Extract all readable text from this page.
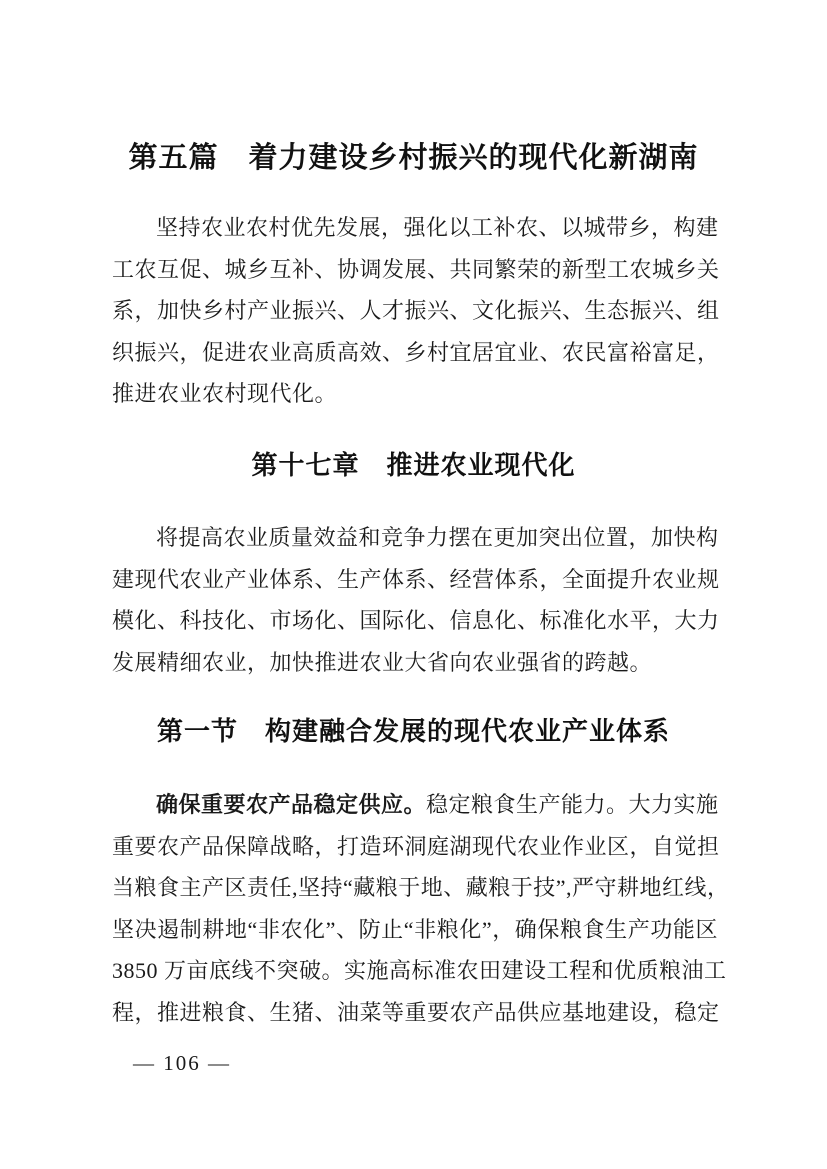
第五篇　着力建设乡村振兴的现代化新湖南
坚持农业农村优先发展，强化以工补农、以城带乡，构建
工农互促、城乡互补、协调发展、共同繁荣的新型工农城乡关
系，加快乡村产业振兴、人才振兴、文化振兴、生态振兴、组
织振兴，促进农业高质高效、乡村宜居宜业、农民富裕富足，
推进农业农村现代化。
第十七章　推进农业现代化
将提高农业质量效益和竞争力摆在更加突出位置，加快构
建现代农业产业体系、生产体系、经营体系，全面提升农业规
模化、科技化、市场化、国际化、信息化、标准化水平，大力
发展精细农业，加快推进农业大省向农业强省的跨越。
第一节　构建融合发展的现代农业产业体系
确保重要农产品稳定供应。稳定粮食生产能力。大力实施
重要农产品保障战略，打造环洞庭湖现代农业作业区，自觉担
当粮食主产区责任,坚持“藏粮于地、藏粮于技”,严守耕地红线，
坚决遏制耕地“非农化”、防止“非粮化”，确保粮食生产功能区
3850 万亩底线不突破。实施高标准农田建设工程和优质粮油工
程，推进粮食、生猪、油菜等重要农产品供应基地建设，稳定
— 106 —
